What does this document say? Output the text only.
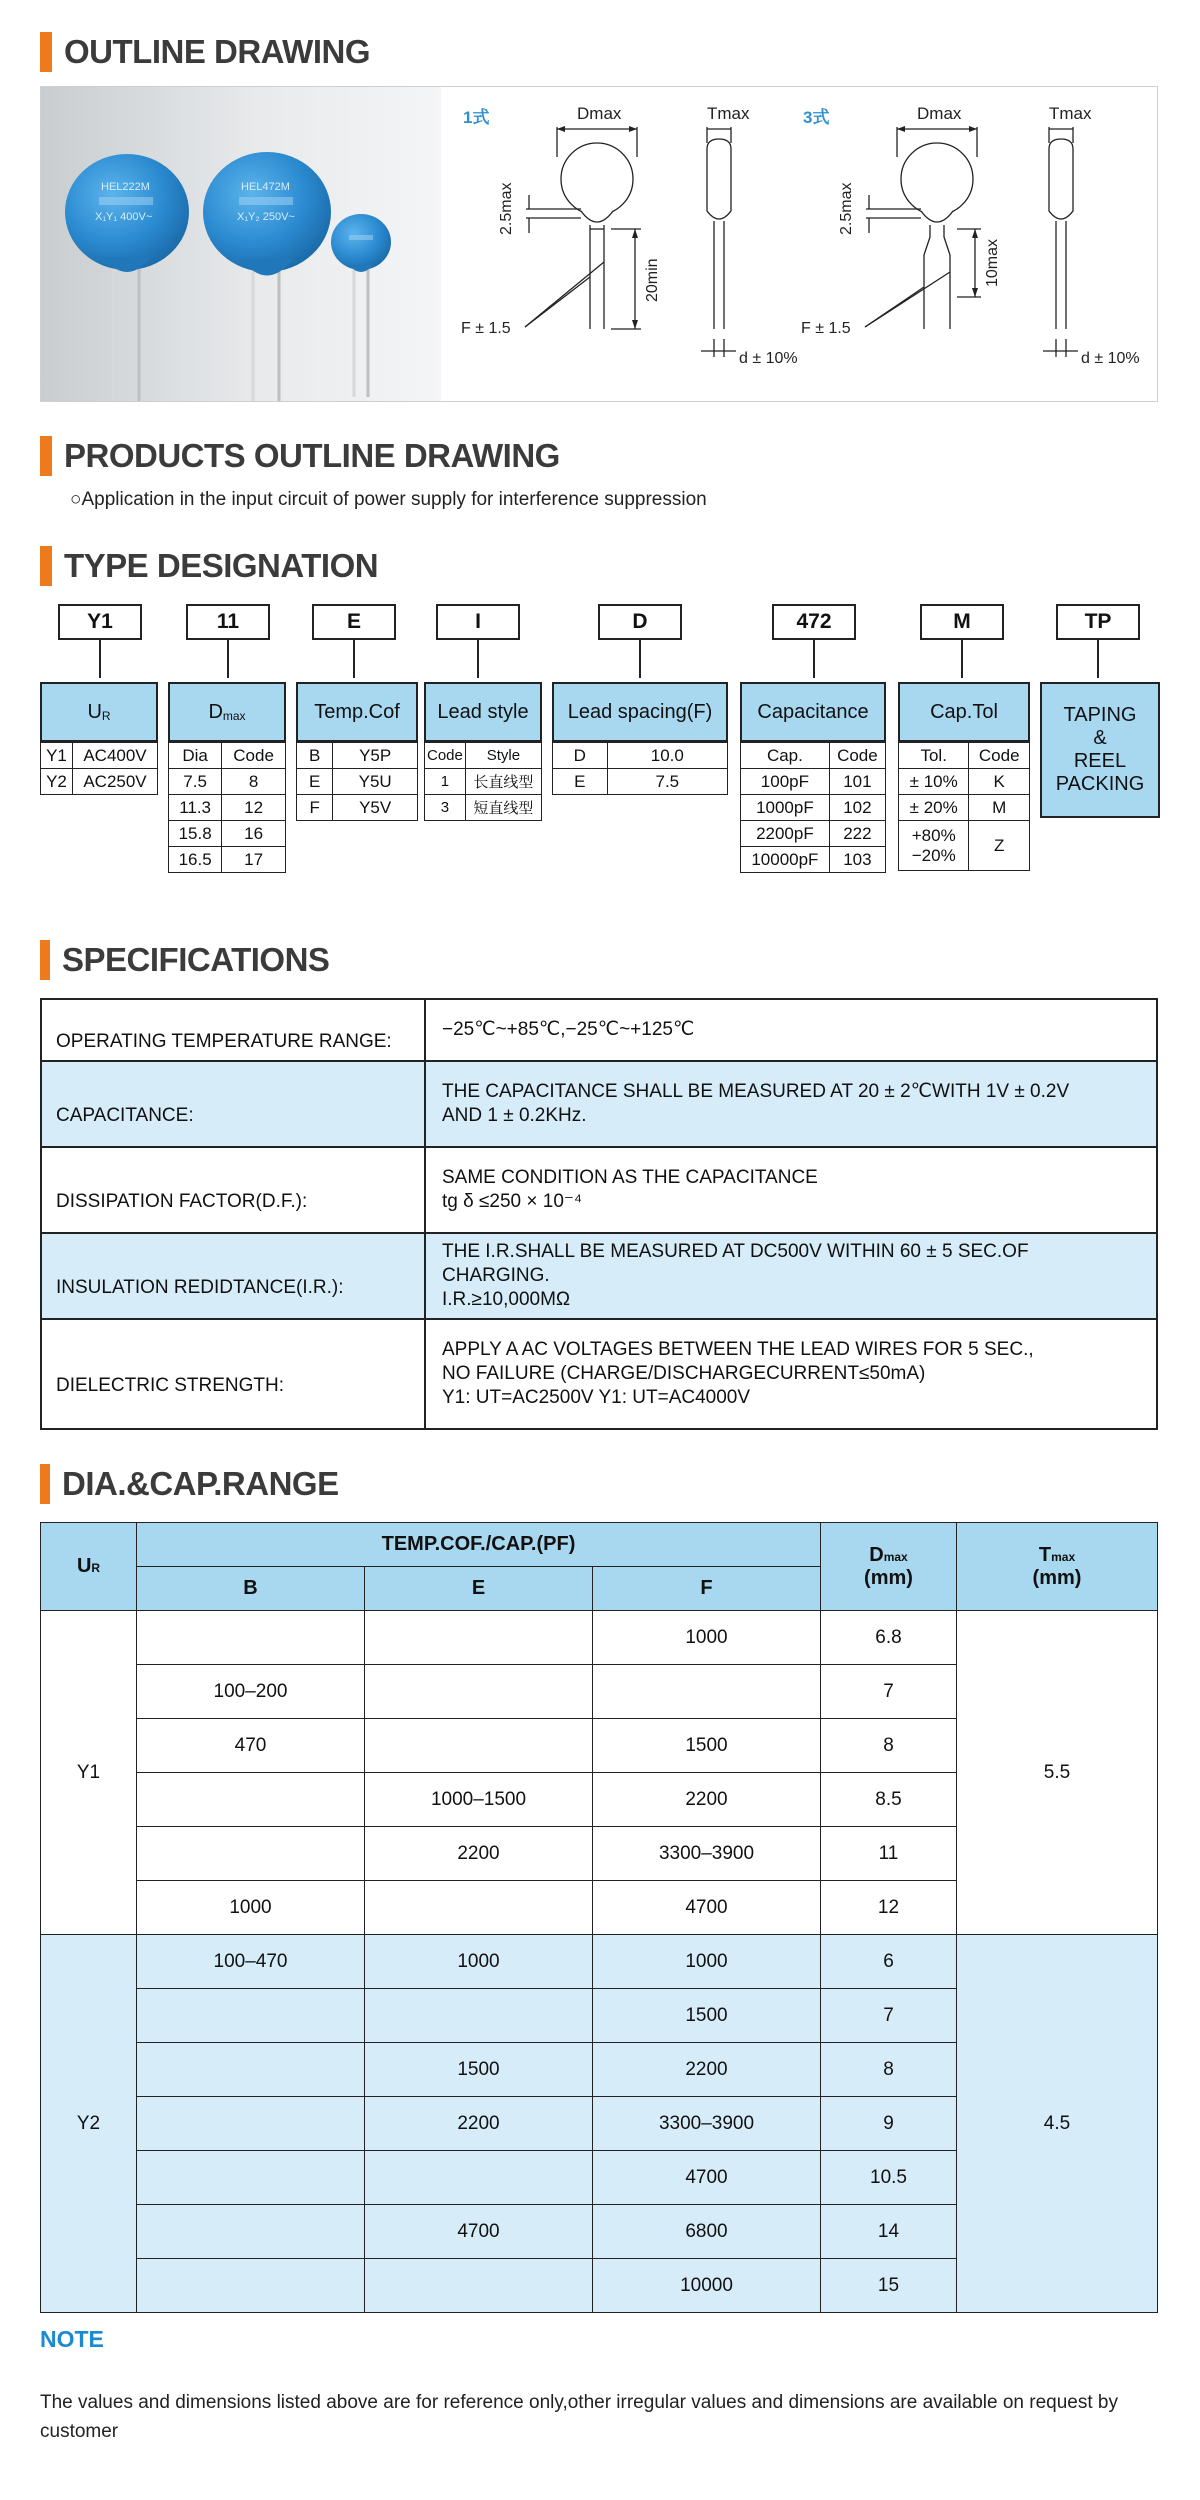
OUTLINE DRAWING
HEL222M
X₁Y₁ 400V~
HEL472M
X₁Y₂ 250V~
1式	3式
Dmax
2.5max
20min
F ± 1.5
Tmax
d ± 10%
Dmax
2.5max
10max
F ± 1.5
Tmax
d ± 10%
PRODUCTS OUTLINE DRAWING
○Application in the input circuit of power supply for interference suppression
TYPE DESIGNATION
Y1	11	E	I	D	472	M	TP
U R
Y1	AC400V
Y2	AC250V
D max
Dia	Code
7.5	8
11.3	12
15.8	16
16.5	17
Temp.Cof
B	Y5P
E	Y5U
F	Y5V
Lead style
Code	Style
1	长直线型
3	短直线型
Lead spacing(F)
D	10.0
E	7.5
Capacitance
Cap.	Code
100pF	101
1000pF	102
2200pF	222
10000pF	103
Cap.Tol
Tol.	Code
± 10%	K
± 20%	M
+80%
−20%	Z
TAPING
&
REEL
PACKING
SPECIFICATIONS
OPERATING TEMPERATURE RANGE:	−25℃~+85℃,−25℃~+125℃

CAPACITANCE:	THE CAPACITANCE SHALL BE MEASURED AT 20 ± 2℃WITH 1V ± 0.2V
AND 1 ± 0.2KHz.

DISSIPATION FACTOR(D.F.):	SAME CONDITION AS THE CAPACITANCE
tg δ ≤250 × 10⁻⁴

INSULATION REDIDTANCE(I.R.):	THE I.R.SHALL BE MEASURED AT DC500V WITHIN 60 ± 5 SEC.OF CHARGING.
I.R.≥10,000MΩ

DIELECTRIC STRENGTH:	APPLY A AC VOLTAGES BETWEEN THE LEAD WIRES FOR 5 SEC.,
NO FAILURE (CHARGE/DISCHARGECURRENT≤50mA)
Y1: UT=AC2500V Y1: UT=AC4000V
DIA.&CAP.RANGE
UR	TEMP.COF./CAP.(PF)			Dmax
(mm)	Tmax
(mm)
	B	E	F		
Y1			1000	6.8	5.5
	100–200			7	
	470		1500	8	
		1000–1500	2200	8.5	
		2200	3300–3900	11	
	1000		4700	12	
Y2	100–470	1000	1000	6	4.5
			1500	7	
		1500	2200	8	
		2200	3300–3900	9	
			4700	10.5	
		4700	6800	14	
			10000	15	
NOTE
The values and dimensions listed above are for reference only,other irregular values and dimensions are available on request by customer
